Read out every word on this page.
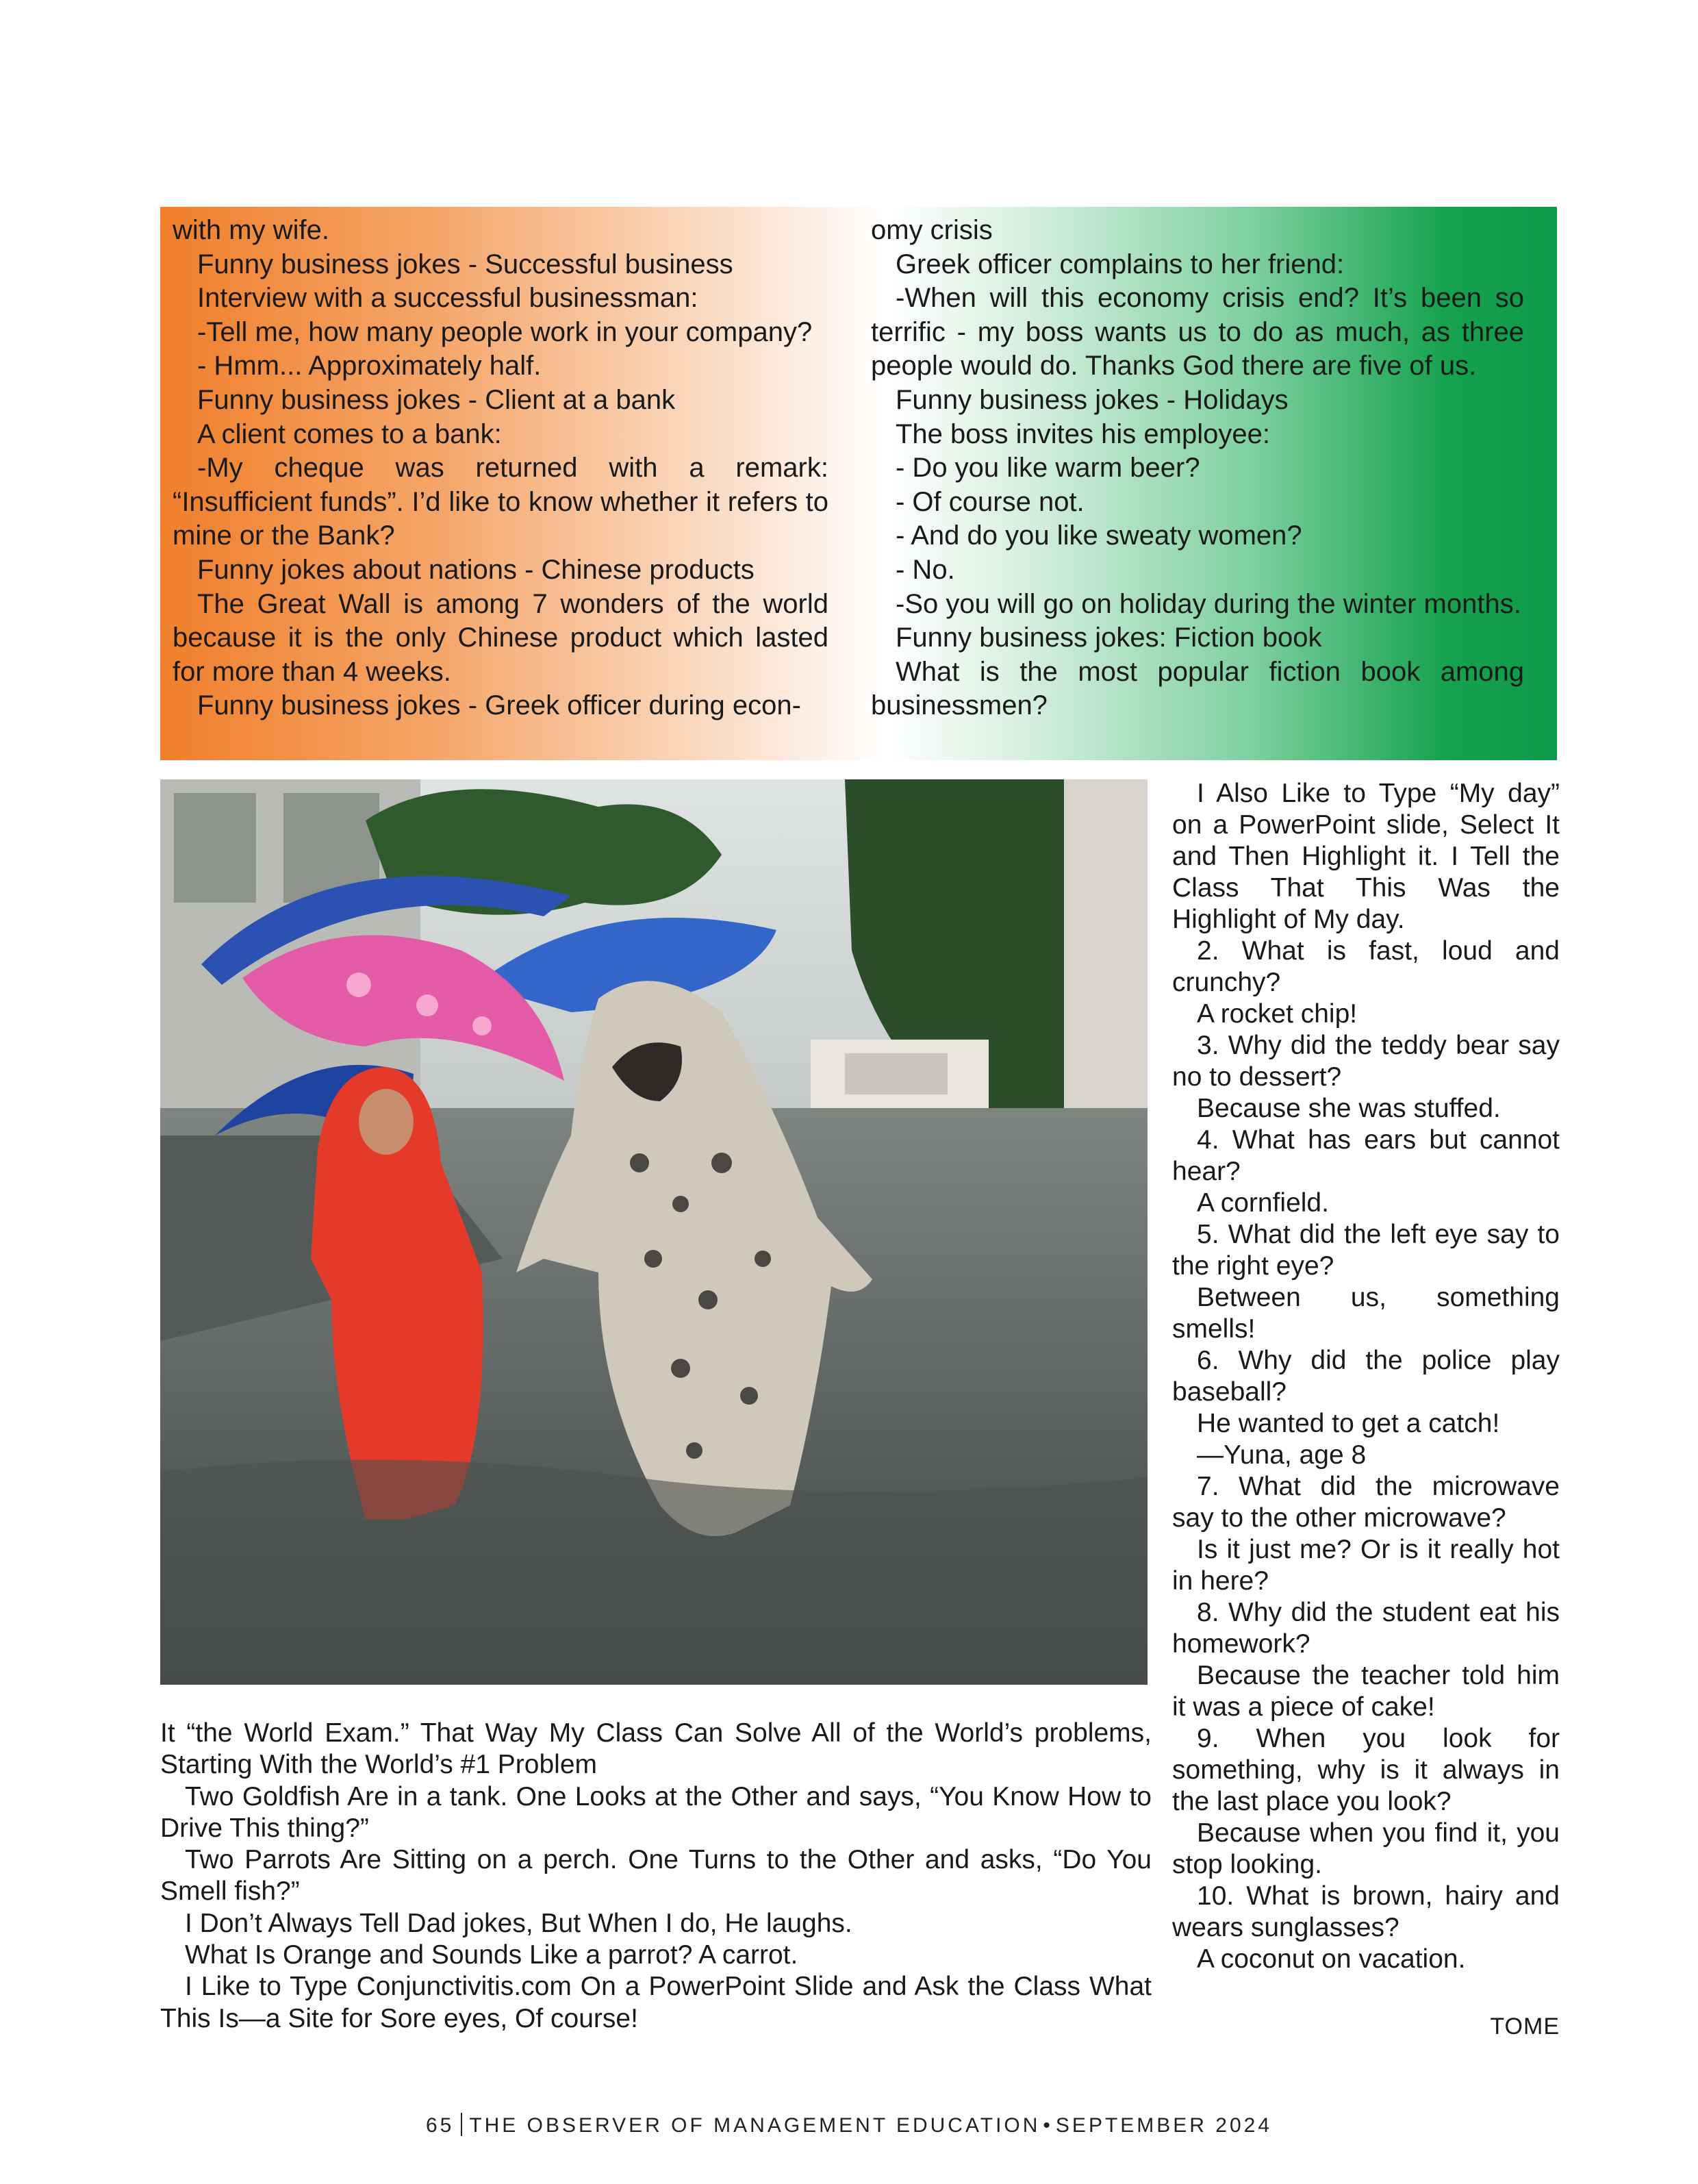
with my wife.

Funny business jokes - Successful business

Interview with a successful businessman:

-Tell me, how many people work in your company?

- Hmm... Approximately half.

Funny business jokes - Client at a bank

A client comes to a bank:

-My cheque was returned with a remark: “Insufficient funds”. I’d like to know whether it refers to mine or the Bank?

Funny jokes about nations - Chinese products

The Great Wall is among 7 wonders of the world because it is the only Chinese product which lasted for more than 4 weeks.

Funny business jokes - Greek officer during econ-

omy crisis

Greek officer complains to her friend:

-When will this economy crisis end? It’s been so terrific - my boss wants us to do as much, as three people would do. Thanks God there are five of us.

Funny business jokes - Holidays

The boss invites his employee:

- Do you like warm beer?

- Of course not.

- And do you like sweaty women?

- No.

-So you will go on holiday during the winter months.

Funny business jokes: Fiction book

What is the most popular fiction book among businessmen?

I Also Like to Type “My day” on a PowerPoint slide, Select It and Then Highlight it. I Tell the Class That This Was the Highlight of My day.

2. What is fast, loud and crunchy?

A rocket chip!

3. Why did the teddy bear say no to dessert?

Because she was stuffed.

4. What has ears but cannot hear?

A cornfield.

5. What did the left eye say to the right eye?

Between us, something smells!

6. Why did the police play baseball?

He wanted to get a catch!

—Yuna, age 8

7. What did the microwave say to the other microwave?

Is it just me? Or is it really hot in here?

8. Why did the student eat his homework?

Because the teacher told him it was a piece of cake!

9. When you look for something, why is it always in the last place you look?

Because when you find it, you stop looking.

10. What is brown, hairy and wears sunglasses?

A coconut on vacation.

It “the World Exam.” That Way My Class Can Solve All of the World’s problems, Starting With the World’s #1 Problem

Two Goldfish Are in a tank. One Looks at the Other and says, “You Know How to Drive This thing?”

Two Parrots Are Sitting on a perch. One Turns to the Other and asks, “Do You Smell fish?”

I Don’t Always Tell Dad jokes, But When I do, He laughs.

What Is Orange and Sounds Like a parrot? A carrot.

I Like to Type Conjunctivitis.com On a PowerPoint Slide and Ask the Class What This Is—a Site for Sore eyes, Of course!	TOME
65 THE OBSERVER OF MANAGEMENT EDUCATION • SEPTEMBER 2024
